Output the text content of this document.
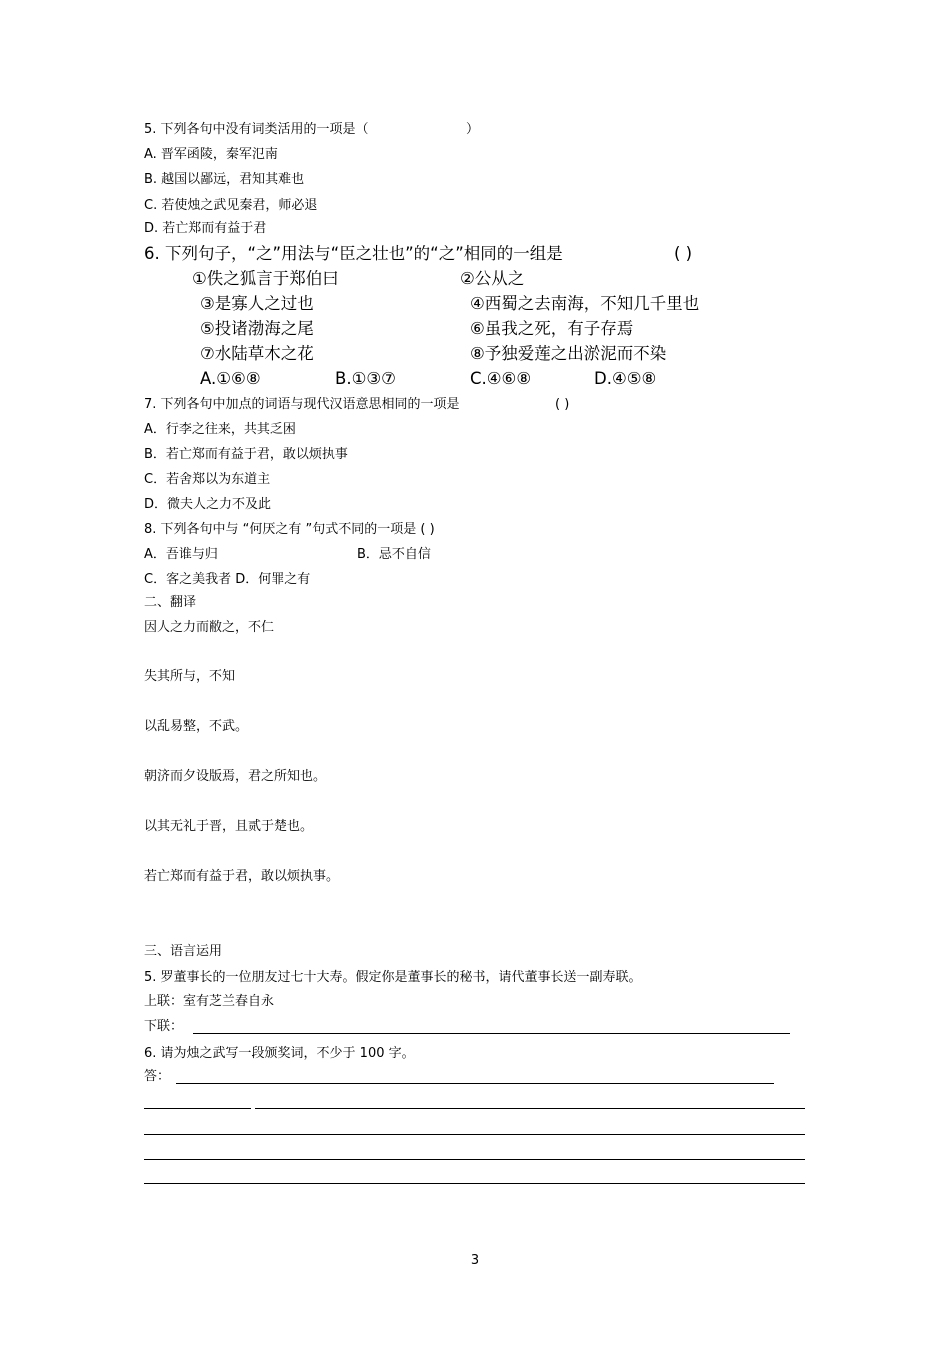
5. 下列各句中没有词类活用的一项是（	）
A. 晋军函陵，秦军氾南
B. 越国以鄙远，君知其难也
C. 若使烛之武见秦君，师必退
D. 若亡郑而有益于君
6. 下列句子，“之”用法与“臣之壮也”的“之”相同的一组是	( )
①佚之狐言于郑伯曰	②公从之
③是寡人之过也	④西蜀之去南海，不知几千里也
⑤投诸渤海之尾	⑥虽我之死，有子存焉
⑦水陆草木之花	⑧予独爱莲之出淤泥而不染
A.①⑥⑧	B.①③⑦	C.④⑥⑧	D.④⑤⑧
7. 下列各句中加点的词语与现代汉语意思相同的一项是	( )
A．行李之往来，共其乏困
B．若亡郑而有益于君，敢以烦执事
C．若舍郑以为东道主
D．微夫人之力不及此
8. 下列各句中与 “何厌之有 ”句式不同的一项是 ( )
A．吾谁与归	B．忌不自信
C．客之美我者 D．何罪之有
二、翻译
因人之力而敝之，不仁
失其所与，不知
以乱易整，不武。
朝济而夕设版焉，君之所知也。
以其无礼于晋，且贰于楚也。
若亡郑而有益于君，敢以烦执事。
三、语言运用
5. 罗董事长的一位朋友过七十大寿。假定你是董事长的秘书，请代董事长送一副寿联。
上联：室有芝兰春自永
下联：
6. 请为烛之武写一段颁奖词，不少于 100 字。
答：
3
